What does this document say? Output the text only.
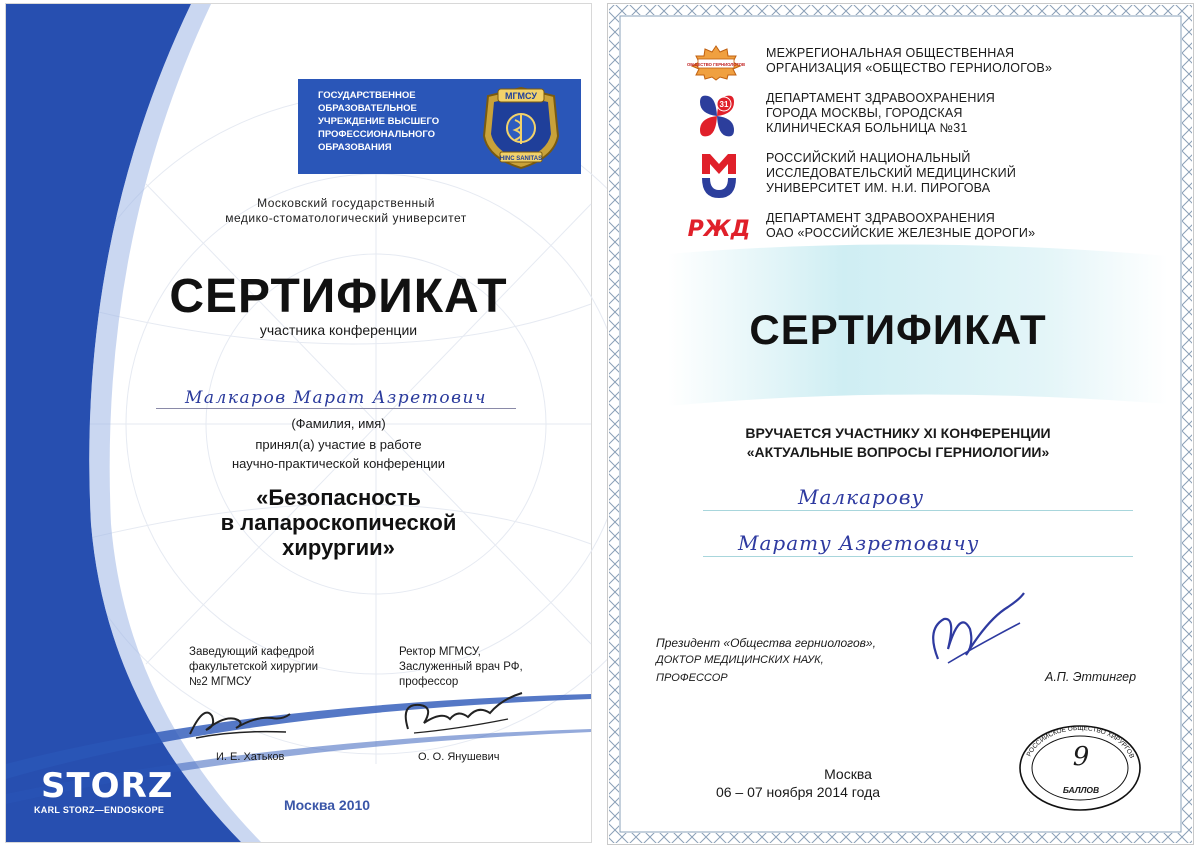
ГОСУДАРСТВЕННОЕ
ОБРАЗОВАТЕЛЬНОЕ
УЧРЕЖДЕНИЕ ВЫСШЕГО
ПРОФЕССИОНАЛЬНОГО
ОБРАЗОВАНИЯ
МГМСУ
HINC SANITAS
Московский государственный
медико-стоматологический университет
СЕРТИФИКАТ
участника конференции
Малкаров Марат Азретович
(Фамилия, имя)
принял(а) участие в работе
научно-практической конференции
«Безопасность
в лапароскопической
хирургии»
Заведующий кафедрой
факультетской хирургии
№2 МГМСУ
Ректор МГМСУ,
Заслуженный врач РФ,
профессор
И. Е. Хатьков	О. О. Янушевич
STORZ
KARL STORZ—ENDOSKOPE	Москва 2010
ОБЩЕСТВО ГЕРНИОЛОГОВ
31
РЖД
МЕЖРЕГИОНАЛЬНАЯ ОБЩЕСТВЕННАЯ
ОРГАНИЗАЦИЯ «ОБЩЕСТВО ГЕРНИОЛОГОВ»
ДЕПАРТАМЕНТ ЗДРАВООХРАНЕНИЯ
ГОРОДА МОСКВЫ, ГОРОДСКАЯ
КЛИНИЧЕСКАЯ БОЛЬНИЦА №31
РОССИЙСКИЙ НАЦИОНАЛЬНЫЙ
ИССЛЕДОВАТЕЛЬСКИЙ МЕДИЦИНСКИЙ
УНИВЕРСИТЕТ ИМ. Н.И. ПИРОГОВА
ДЕПАРТАМЕНТ ЗДРАВООХРАНЕНИЯ
ОАО «РОССИЙСКИЕ ЖЕЛЕЗНЫЕ ДОРОГИ»
СЕРТИФИКАТ
ВРУЧАЕТСЯ УЧАСТНИКУ XI КОНФЕРЕНЦИИ
«АКТУАЛЬНЫЕ ВОПРОСЫ ГЕРНИОЛОГИИ»
Малкарову
Марату Азретовичу
Президент «Общества герниологов»,
ДОКТОР МЕДИЦИНСКИХ НАУК,
ПРОФЕССОР	А.П. Эттингер
Москва
06 – 07 ноября 2014 года
РОССИЙСКОЕ ОБЩЕСТВО ХИРУРГОВ
9
БАЛЛОВ
